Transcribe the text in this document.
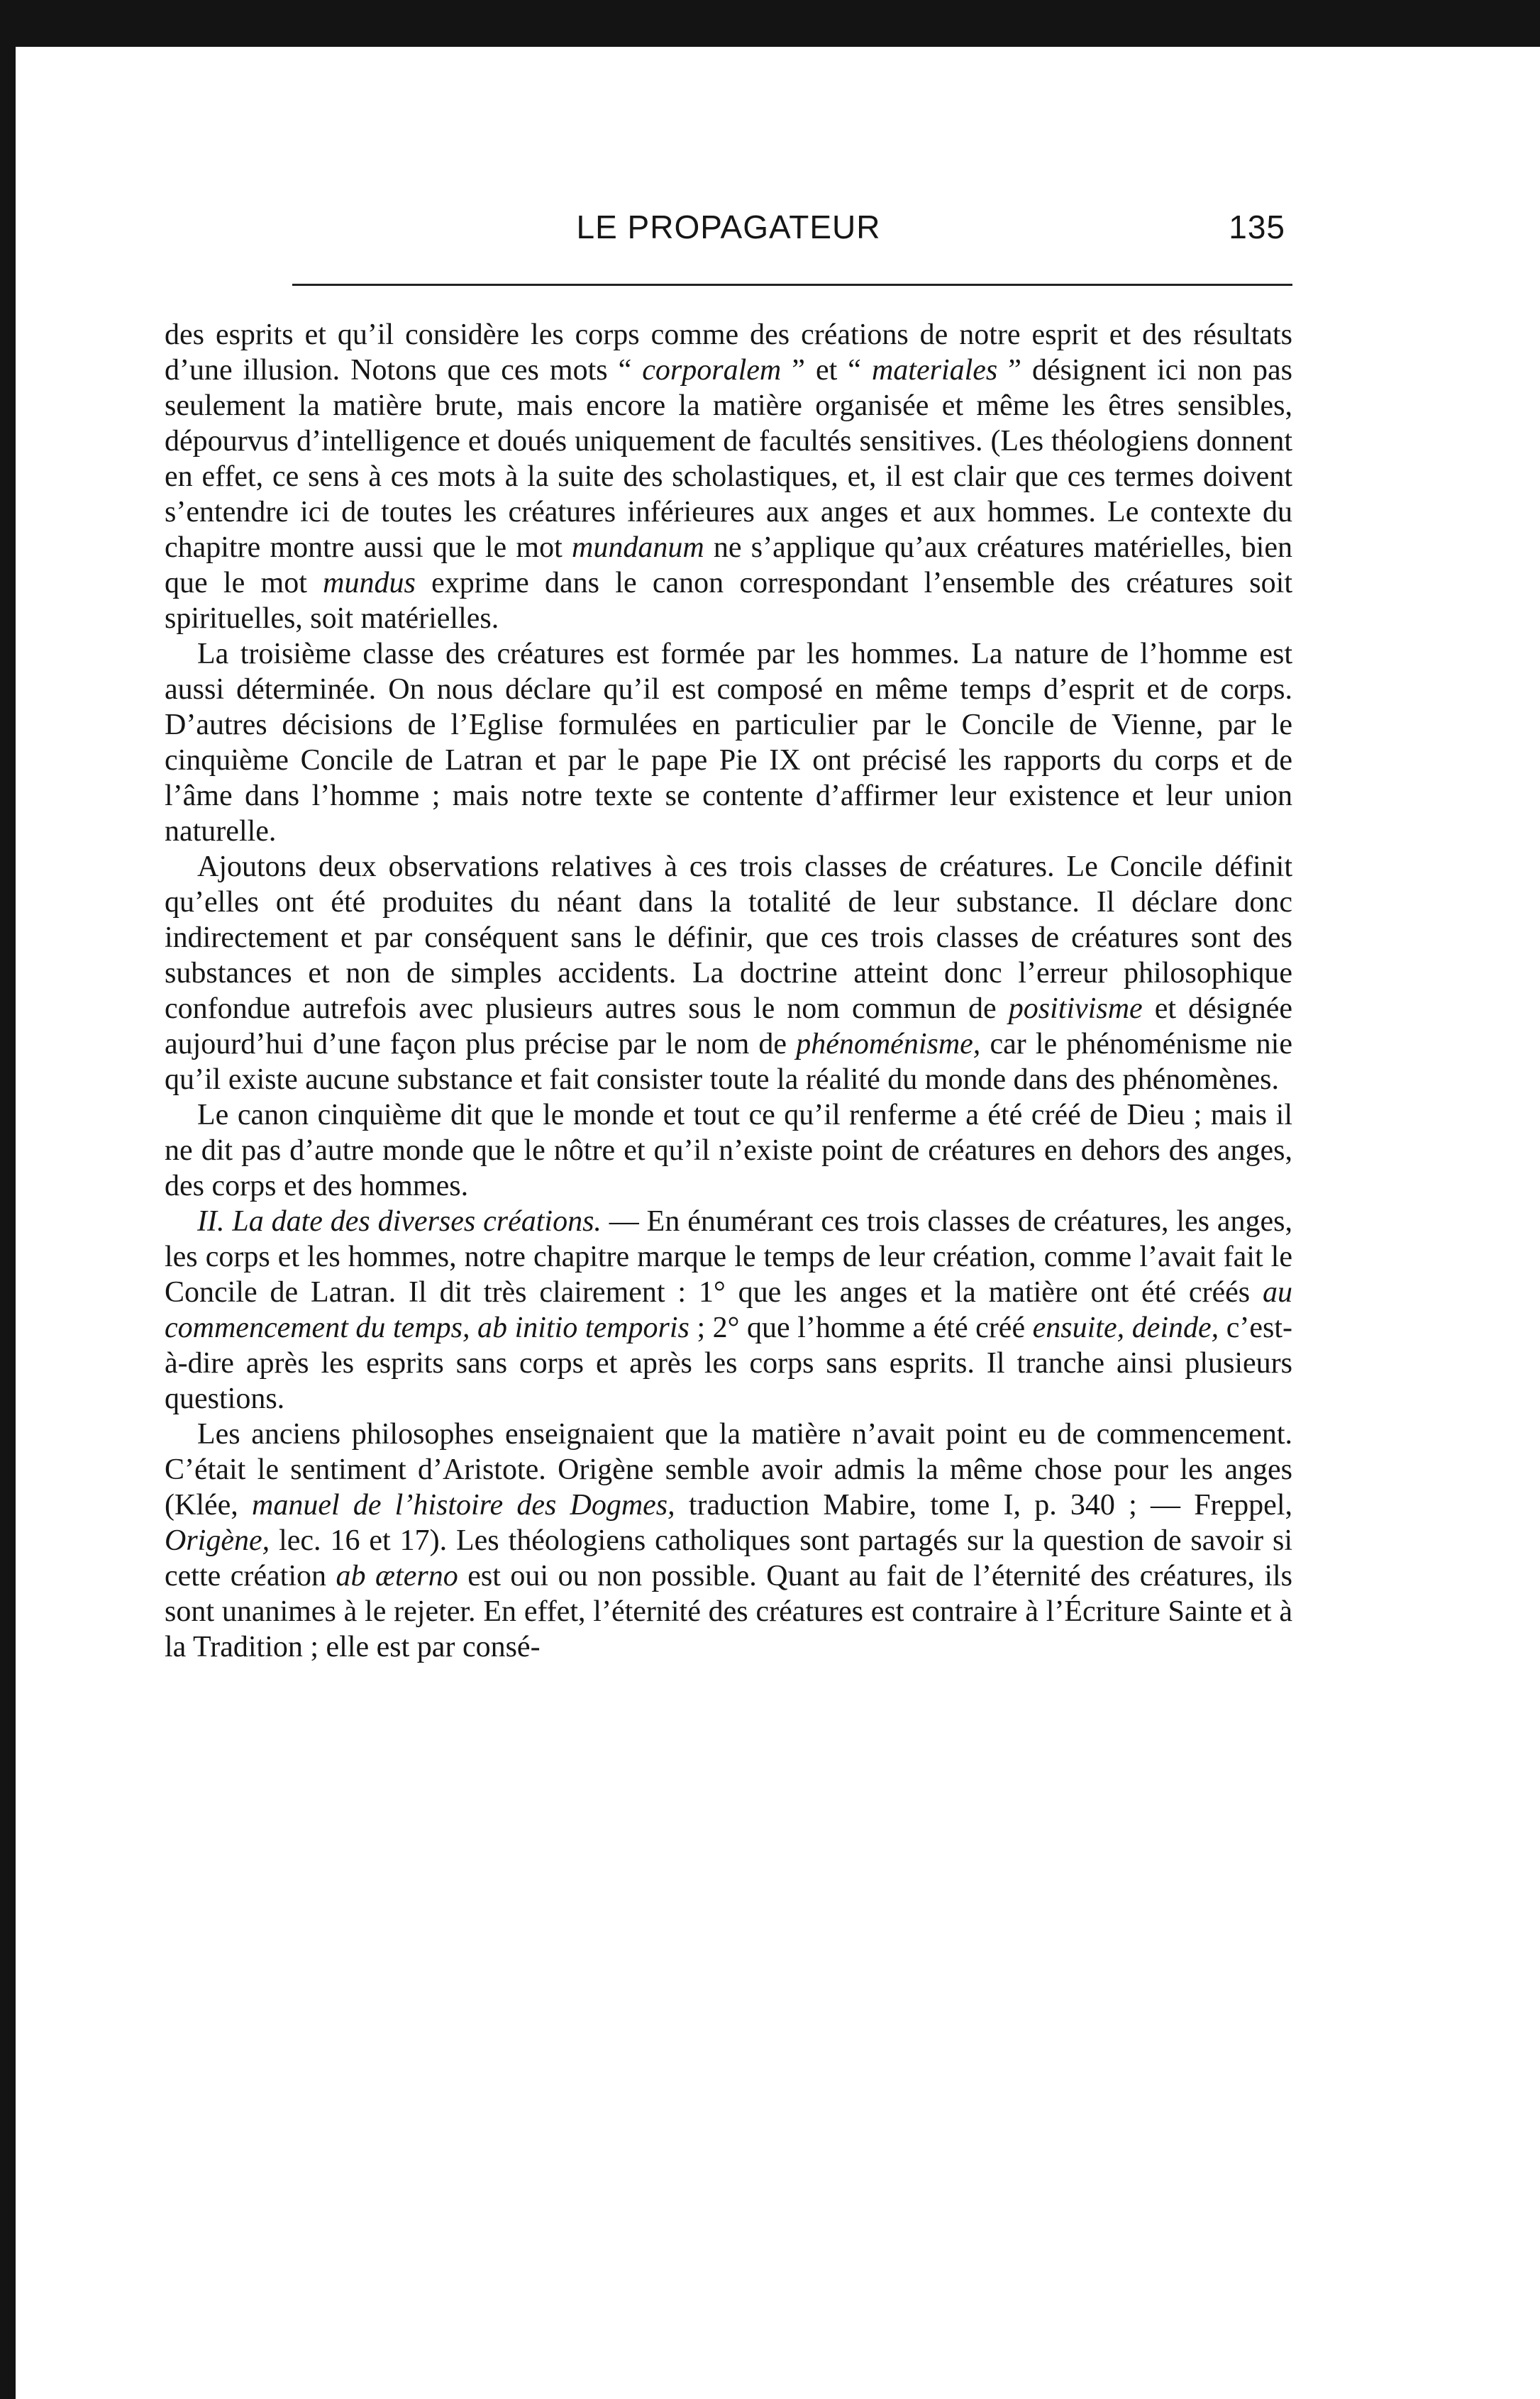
LE PROPAGATEUR	135

des esprits et qu’il considère les corps comme des créations de notre esprit et des résultats d’une illusion. Notons que ces mots “ corporalem ” et “ materiales ” désignent ici non pas seulement la matière brute, mais encore la matière organisée et même les êtres sensibles, dépourvus d’intelligence et doués uniquement de facultés sensitives. (Les théologiens donnent en effet, ce sens à ces mots à la suite des scholastiques, et, il est clair que ces termes doivent s’entendre ici de toutes les créatures inférieures aux anges et aux hommes. Le contexte du chapitre montre aussi que le mot mundanum ne s’applique qu’aux créatures matérielles, bien que le mot mundus exprime dans le canon correspondant l’ensemble des créatures soit spirituelles, soit matérielles.

La troisième classe des créatures est formée par les hommes. La nature de l’homme est aussi déterminée. On nous déclare qu’il est composé en même temps d’esprit et de corps. D’autres décisions de l’Eglise formulées en particulier par le Concile de Vienne, par le cinquième Concile de Latran et par le pape Pie IX ont précisé les rapports du corps et de l’âme dans l’homme ; mais notre texte se contente d’affirmer leur existence et leur union naturelle.

Ajoutons deux observations relatives à ces trois classes de créatures. Le Concile définit qu’elles ont été produites du néant dans la totalité de leur substance. Il déclare donc indirectement et par conséquent sans le définir, que ces trois classes de créatures sont des substances et non de simples accidents. La doctrine atteint donc l’erreur philosophique confondue autrefois avec plusieurs autres sous le nom commun de positivisme et désignée aujourd’hui d’une façon plus précise par le nom de phénoménisme, car le phénoménisme nie qu’il existe aucune substance et fait consister toute la réalité du monde dans des phénomènes.

Le canon cinquième dit que le monde et tout ce qu’il renferme a été créé de Dieu ; mais il ne dit pas d’autre monde que le nôtre et qu’il n’existe point de créatures en dehors des anges, des corps et des hommes.

II. La date des diverses créations. — En énumérant ces trois classes de créatures, les anges, les corps et les hommes, notre chapitre marque le temps de leur création, comme l’avait fait le Concile de Latran. Il dit très clairement : 1° que les anges et la matière ont été créés au commencement du temps, ab initio temporis ; 2° que l’homme a été créé ensuite, deinde, c’est-à-dire après les esprits sans corps et après les corps sans esprits. Il tranche ainsi plusieurs questions.

Les anciens philosophes enseignaient que la matière n’avait point eu de commencement. C’était le sentiment d’Aristote. Origène semble avoir admis la même chose pour les anges (Klée, manuel de l’histoire des Dogmes, traduction Mabire, tome I, p. 340 ; — Freppel, Origène, lec. 16 et 17). Les théologiens catholiques sont partagés sur la question de savoir si cette création ab æterno est oui ou non possible. Quant au fait de l’éternité des créatures, ils sont unanimes à le rejeter. En effet, l’éternité des créatures est contraire à l’Écriture Sainte et à la Tradition ; elle est par consé-
